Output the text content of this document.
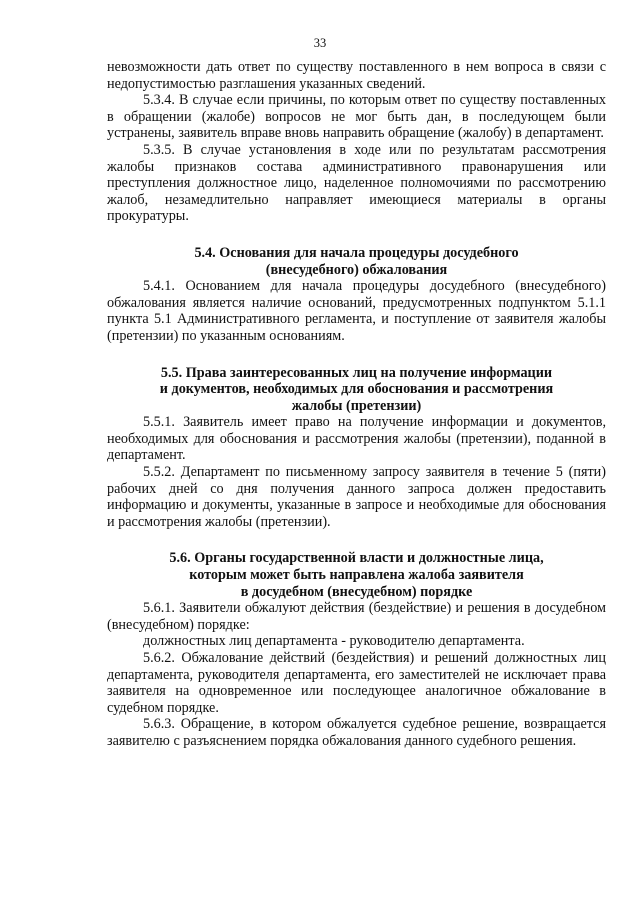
33

невозможности дать ответ по существу поставленного в нем вопроса в связи с недопустимостью разглашения указанных сведений.

5.3.4. В случае если причины, по которым ответ по существу поставленных в обращении (жалобе) вопросов не мог быть дан, в последующем были устранены, заявитель вправе вновь направить обращение (жалобу) в департамент.

5.3.5. В случае установления в ходе или по результатам рассмотрения жалобы признаков состава административного правонарушения или преступления должностное лицо, наделенное полномочиями по рассмотрению жалоб, незамедлительно направляет имеющиеся материалы в органы прокуратуры.

5.4. Основания для начала процедуры досудебного

(внесудебного) обжалования

5.4.1. Основанием для начала процедуры досудебного (внесудебного) обжалования является наличие оснований, предусмотренных подпунктом 5.1.1 пункта 5.1 Административного регламента, и поступление от заявителя жалобы (претензии) по указанным основаниям.

5.5. Права заинтересованных лиц на получение информации

и документов, необходимых для обоснования и рассмотрения

жалобы (претензии)

5.5.1. Заявитель имеет право на получение информации и документов, необходимых для обоснования и рассмотрения жалобы (претензии), поданной в департамент.

5.5.2. Департамент по письменному запросу заявителя в течение 5 (пяти) рабочих дней со дня получения данного запроса должен предоставить информацию и документы, указанные в запросе и необходимые для обоснования и рассмотрения жалобы (претензии).

5.6. Органы государственной власти и должностные лица,

которым может быть направлена жалоба заявителя

в досудебном (внесудебном) порядке

5.6.1. Заявители обжалуют действия (бездействие) и решения в досудебном (внесудебном) порядке:

должностных лиц департамента - руководителю департамента.

5.6.2. Обжалование действий (бездействия) и решений должностных лиц департамента, руководителя департамента, его заместителей не исключает права заявителя на одновременное или последующее аналогичное обжалование в судебном порядке.

5.6.3. Обращение, в котором обжалуется судебное решение, возвращается заявителю с разъяснением порядка обжалования данного судебного решения.
